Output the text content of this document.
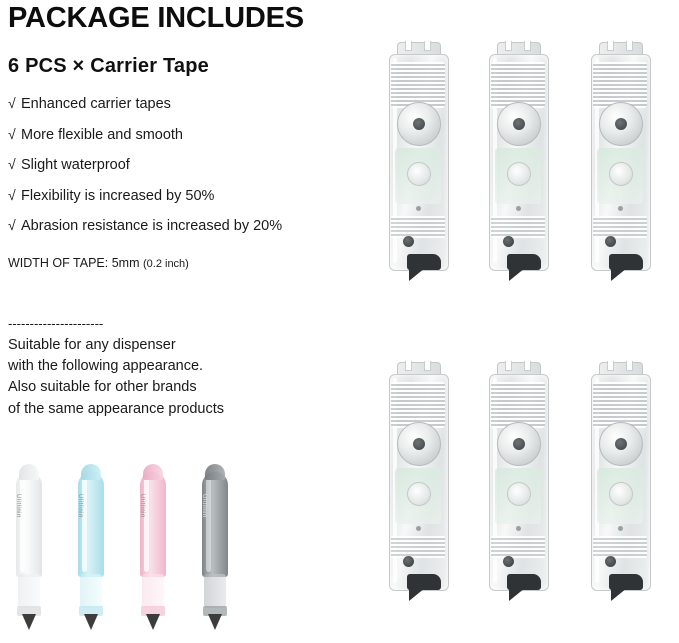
PACKAGE INCLUDES
6 PCS × Carrier Tape
√ Enhanced carrier tapes
√ More flexible and smooth
√ Slight waterproof
√ Flexibility is increased by 50%
√ Abrasion resistance is increased by 20%
WIDTH OF TAPE: 5mm (0.2 inch)
----------------------
Suitable for any dispenser
with the following appearance.
Also suitable for other brands
of the same appearance products
Ulitlinin	Ulitlinin	Ulitlinin	Ulitlinin
